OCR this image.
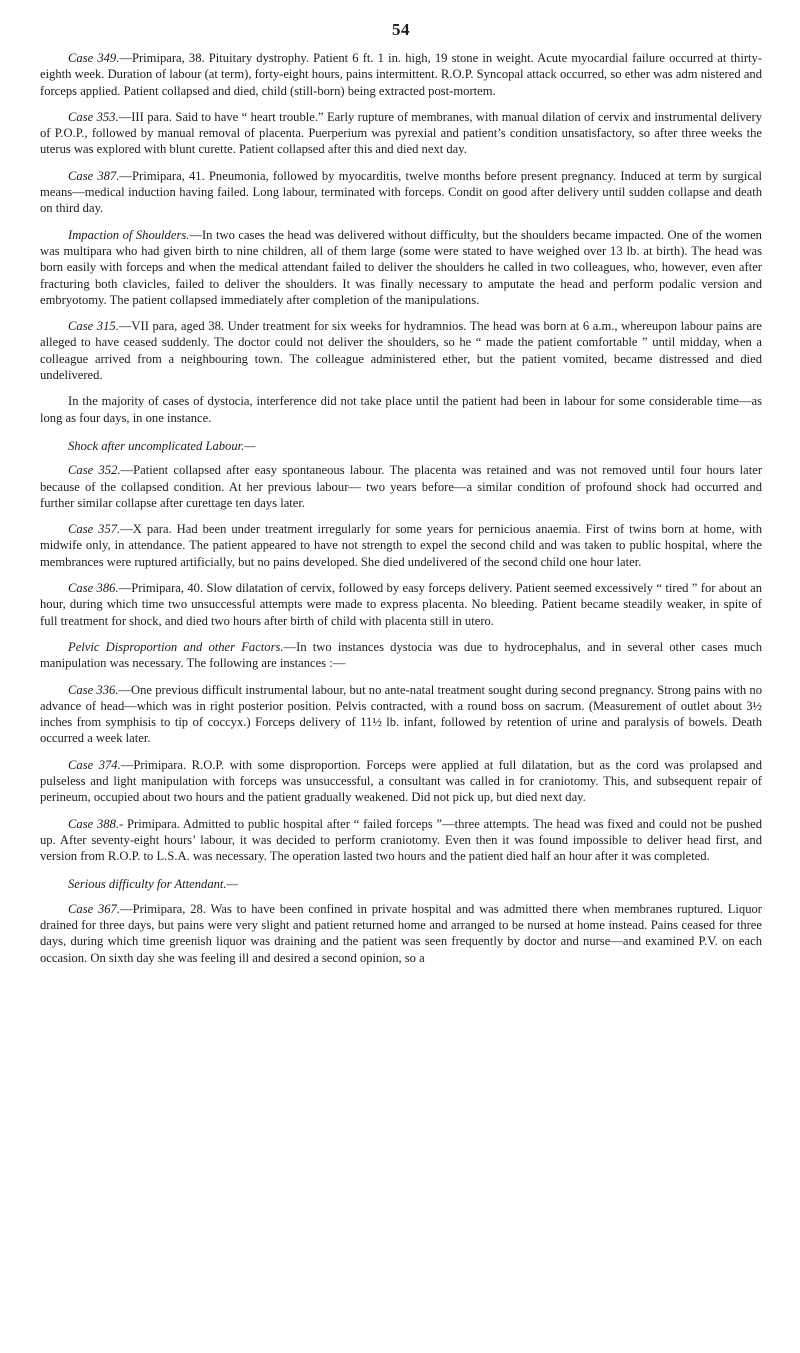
54

Case 349.—Primipara, 38. Pituitary dystrophy. Patient 6 ft. 1 in. high, 19 stone in weight. Acute myocardial failure occurred at thirty-eighth week. Duration of labour (at term), forty-eight hours, pains intermittent. R.O.P. Syncopal attack occurred, so ether was adm nistered and forceps applied. Patient collapsed and died, child (still-born) being extracted post-mortem.

Case 353.—III para. Said to have “ heart trouble.” Early rupture of membranes, with manual dilation of cervix and instrumental delivery of P.O.P., followed by manual removal of placenta. Puerperium was pyrexial and patient’s condition unsatisfactory, so after three weeks the uterus was explored with blunt curette. Patient collapsed after this and died next day.

Case 387.—Primipara, 41. Pneumonia, followed by myocarditis, twelve months before present pregnancy. Induced at term by surgical means—medical induction having failed. Long labour, terminated with forceps. Condit on good after delivery until sudden collapse and death on third day.

Impaction of Shoulders.—In two cases the head was delivered without difficulty, but the shoulders became impacted. One of the women was multipara who had given birth to nine children, all of them large (some were stated to have weighed over 13 lb. at birth). The head was born easily with forceps and when the medical attendant failed to deliver the shoulders he called in two colleagues, who, however, even after fracturing both clavicles, failed to deliver the shoulders. It was finally necessary to amputate the head and perform podalic version and embryotomy. The patient collapsed immediately after completion of the manipulations.

Case 315.—VII para, aged 38. Under treatment for six weeks for hydramnios. The head was born at 6 a.m., whereupon labour pains are alleged to have ceased suddenly. The doctor could not deliver the shoulders, so he “ made the patient comfortable ” until midday, when a colleague arrived from a neighbouring town. The colleague administered ether, but the patient vomited, became distressed and died undelivered.

In the majority of cases of dystocia, interference did not take place until the patient had been in labour for some considerable time—as long as four days, in one instance.

Shock after uncomplicated Labour.—

Case 352.—Patient collapsed after easy spontaneous labour. The placenta was retained and was not removed until four hours later because of the collapsed condition. At her previous labour— two years before—a similar condition of profound shock had occurred and further similar collapse after curettage ten days later.

Case 357.—X para. Had been under treatment irregularly for some years for pernicious anaemia. First of twins born at home, with midwife only, in attendance. The patient appeared to have not strength to expel the second child and was taken to public hospital, where the membrances were ruptured artificially, but no pains developed. She died undelivered of the second child one hour later.

Case 386.—Primipara, 40. Slow dilatation of cervix, followed by easy forceps delivery. Patient seemed excessively “ tired ” for about an hour, during which time two unsuccessful attempts were made to express placenta. No bleeding. Patient became steadily weaker, in spite of full treatment for shock, and died two hours after birth of child with placenta still in utero.

Pelvic Disproportion and other Factors.—In two instances dystocia was due to hydrocephalus, and in several other cases much manipulation was necessary. The following are instances :—

Case 336.—One previous difficult instrumental labour, but no ante-natal treatment sought during second pregnancy. Strong pains with no advance of head—which was in right posterior position. Pelvis contracted, with a round boss on sacrum. (Measurement of outlet about 3½ inches from symphisis to tip of coccyx.) Forceps delivery of 11½ lb. infant, followed by retention of urine and paralysis of bowels. Death occurred a week later.

Case 374.—Primipara. R.O.P. with some disproportion. Forceps were applied at full dilatation, but as the cord was prolapsed and pulseless and light manipulation with forceps was unsuccessful, a consultant was called in for craniotomy. This, and subsequent repair of perineum, occupied about two hours and the patient gradually weakened. Did not pick up, but died next day.

Case 388.- Primipara. Admitted to public hospital after “ failed forceps ”—three attempts. The head was fixed and could not be pushed up. After seventy-eight hours’ labour, it was decided to perform craniotomy. Even then it was found impossible to deliver head first, and version from R.O.P. to L.S.A. was necessary. The operation lasted two hours and the patient died half an hour after it was completed.

Serious difficulty for Attendant.—

Case 367.—Primipara, 28. Was to have been confined in private hospital and was admitted there when membranes ruptured. Liquor drained for three days, but pains were very slight and patient returned home and arranged to be nursed at home instead. Pains ceased for three days, during which time greenish liquor was draining and the patient was seen frequently by doctor and nurse—and examined P.V. on each occasion. On sixth day she was feeling ill and desired a second opinion, so a
